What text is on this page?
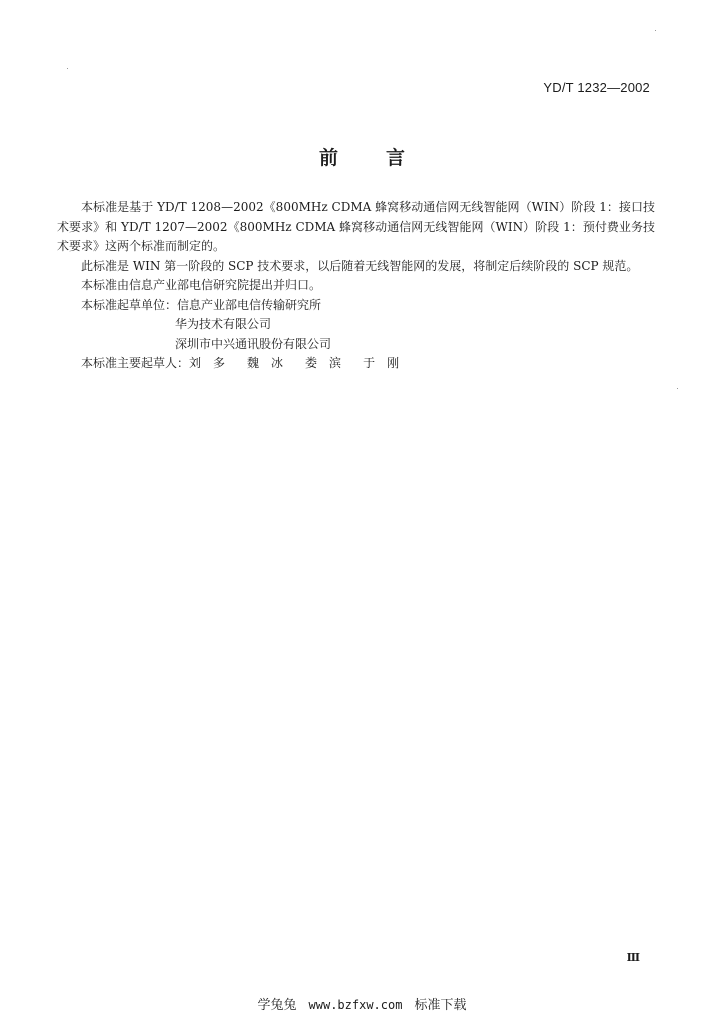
YD/T 1232—2002
前	言

本标准是基于 YD/T 1208—2002《800MHz CDMA 蜂窝移动通信网无线智能网（WIN）阶段 1：接口技术要求》和 YD/T 1207—2002《800MHz CDMA 蜂窝移动通信网无线智能网（WIN）阶段 1：预付费业务技术要求》这两个标准而制定的。

此标准是 WIN 第一阶段的 SCP 技术要求，以后随着无线智能网的发展，将制定后续阶段的 SCP 规范。

本标准由信息产业部电信研究院提出并归口。

本标准起草单位：信息产业部电信传输研究所
华为技术有限公司
深圳市中兴通讯股份有限公司
本标准主要起草人：刘　多 魏　冰 娄　滨 于　刚
Ⅲ
学兔兔 www.bzfxw.com 标准下载
